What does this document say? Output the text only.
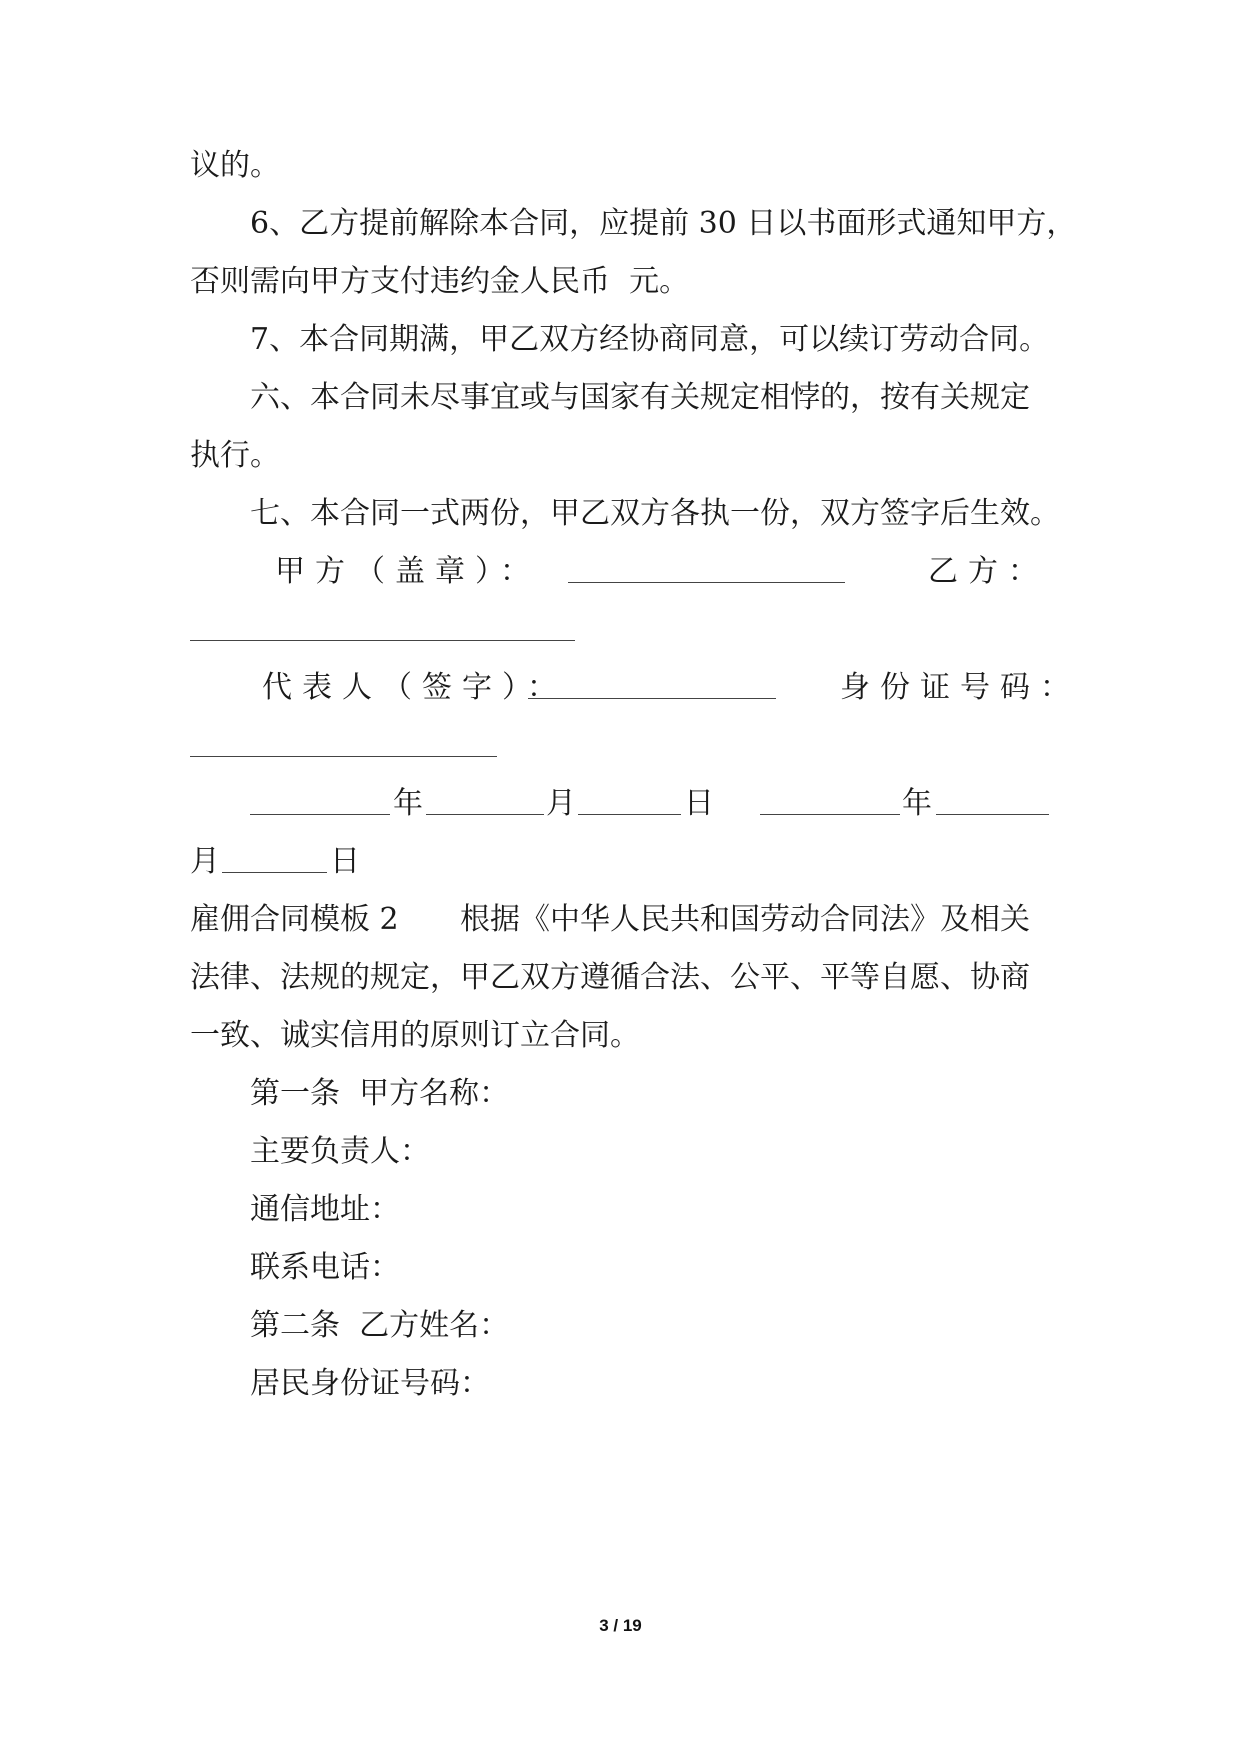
议的。
6、乙方提前解除本合同，应提前 30 日以书面形式通知甲方，
否则需向甲方支付违约金人民币  元。
7、本合同期满，甲乙双方经协商同意，可以续订劳动合同。
六、本合同未尽事宜或与国家有关规定相悖的，按有关规定
执行。
七、本合同一式两份，甲乙双方各执一份，双方签字后生效。
甲方（盖章）：	乙方：
代表人（签字）：	身份证号码：
年	月	日	年
月	日
雇佣合同模板 2 根据《中华人民共和国劳动合同法》及相关
法律、法规的规定，甲乙双方遵循合法、公平、平等自愿、协商
一致、诚实信用的原则订立合同。
第一条  甲方名称：
主要负责人：
通信地址：
联系电话：
第二条  乙方姓名：
居民身份证号码：
3 / 19
